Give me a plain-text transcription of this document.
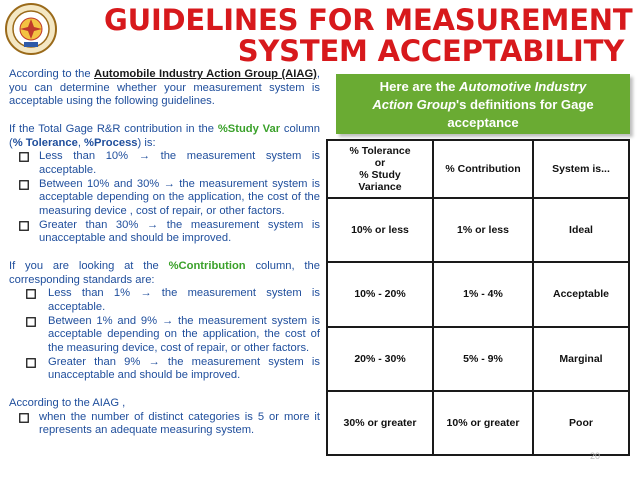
GUIDELINES FOR MEASUREMENT
SYSTEM ACCEPTABILITY

According to the Automobile Industry Action Group (AIAG), you can determine whether your measurement system is acceptable using the following guidelines.

If the Total Gage R&R contribution in the %Study Var column (% Tolerance, %Process) is:

Less than 10% → the measurement system is acceptable.
Between 10% and 30% → the measurement system is acceptable depending on the application, the cost of the measuring device , cost of repair, or other factors.
Greater than 30% → the measurement system is unacceptable and should be improved.

If you are looking at the %Contribution column, the corresponding standards are:

Less than 1% → the measurement system is acceptable.
Between 1% and 9% → the measurement system is acceptable depending on the application, the cost of the measuring device, cost of repair, or other factors.
Greater than 9% → the measurement system is unacceptable and should be improved.

According to the AIAG ,

when the number of distinct categories is 5 or more it represents an adequate measuring system.
Here are the Automotive Industry
Action Group's definitions for Gage
acceptance
% Tolerance
or
% Study
Variance	% Contribution	System is...
10% or less	1% or less	Ideal
10% - 20%	1% - 4%	Acceptable
20% - 30%	5% - 9%	Marginal
30% or greater	10% or greater	Poor
20
